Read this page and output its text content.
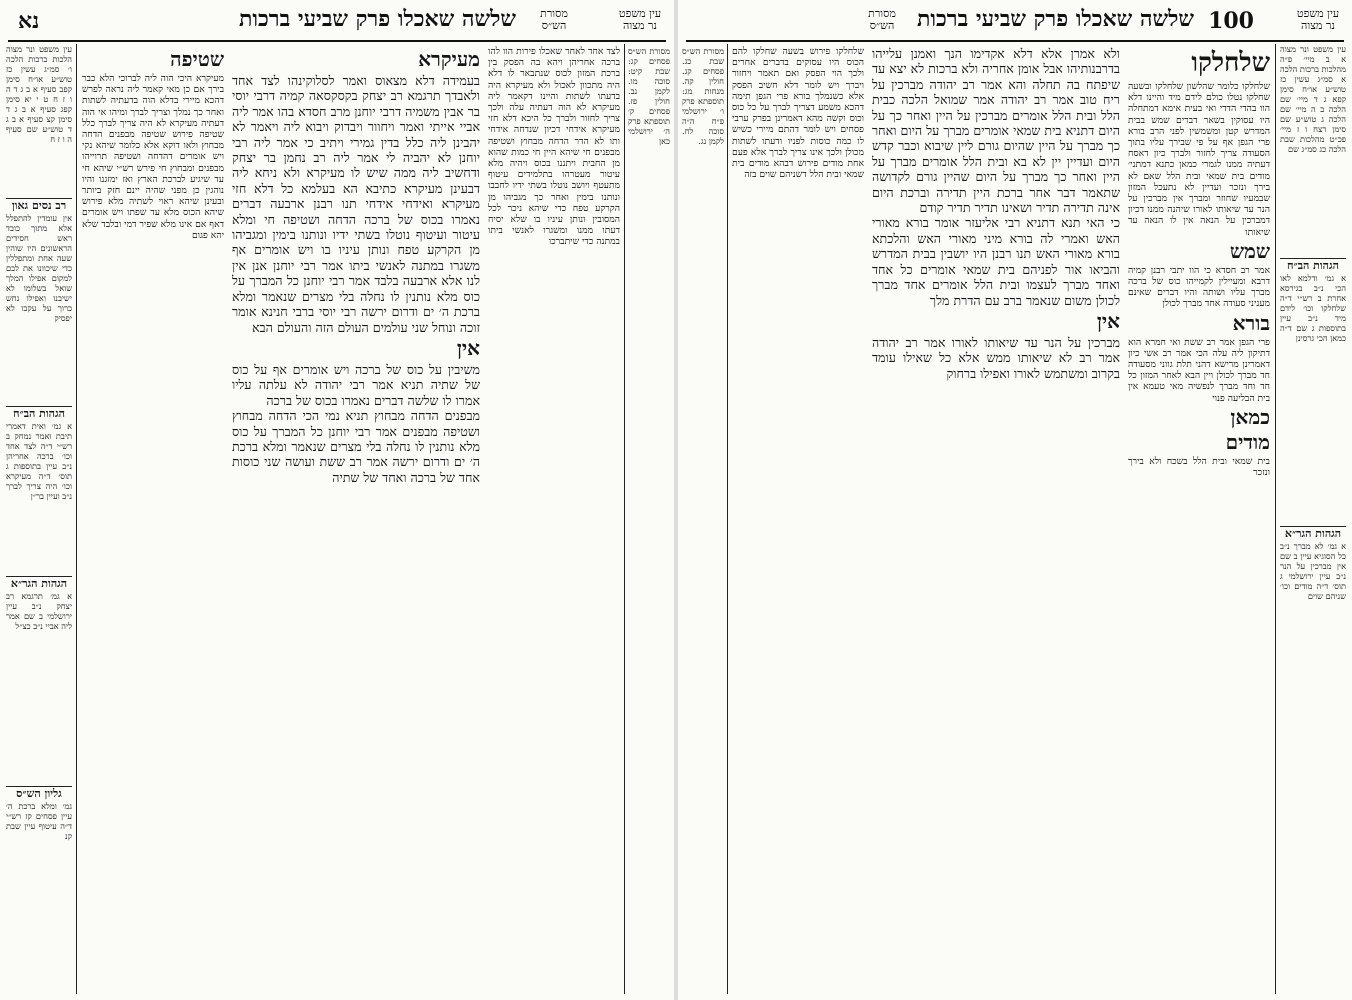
עין משפט נר מצוה
שלשה שאכלו פרק שביעי ברכות
נא	מסורת הש״ס
עין משפט ונר מצוה הלכות ברכות הלכה ו׳ סמ״ג עשין כז טוש״ע או״ח סימן קפב סעיף א ב ג ד ה ו ז ח ט י יא סימן קפג סעיף א ב ג ד סימן קצ סעיף א ב ג ד טוש״ע שם סעיף ה ו ז ח
רב נסים גאון
אין עומדין להתפלל אלא מתוך כובד ראש חסידים הראשונים היו שוהין שעה אחת ומתפללין כדי שיכוונו את לבם למקום אפילו המלך שואל בשלומו לא ישיבנו ואפילו נחש כרוך על עקבו לא יפסיק
הגהות הב״ח
א גמ׳ ואית דאמרי תיבת ואמר נמחק ב רש״י ד״ה לצד אחד וכו׳ ברכה אחריהן נ״ב עיין בתוספות ג תוס׳ ד״ה מעיקרא וכו׳ היה צריך לברך נ״ב ועיין בר״ן
הגהות הגר״א
א גמ׳ תרגמא רב יצחק נ״ב עיין ירושלמי ב שם אמר ליה אביי נ״ב כצ״ל
גליון הש״ס
גמ׳ ומלא ברכת ה׳ עיין פסחים קז רש״י ד״ה עיטוף עיין שבת קנ
שטיפה
מעיקרא היכי הוה ליה לברוכי הלא כבר בירך אם כן מאי קאמר ליה נראה לפרש דהכא מיירי בדלא הוה בדעתיה לשתות ואחר כך נמלך וצריך לברך ומיהו אי הוה דעתיה מעיקרא לא היה צריך לברך כלל שטיפה פירוש שטיפה מבפנים הדחה מבחוץ ולאו דוקא אלא כלומר שיהא נקי ויש אומרים דהדחה ושטיפה תרוייהו מבפנים ומבחוץ חי פירש רש״י שיהא חי עד שיגיע לברכת הארץ ואז ימזגנו והיו נוהגין כן מפני שהיה יינם חזק ביותר ובעינן שיהא ראוי לשתיה מלא פירוש שיהא הכוס מלא עד שפתו ויש אומרים דאף אם אינו מלא שפיר דמי ובלבד שלא יהא פגום
מעיקרא
בעמידה דלא מצאוס ואמר לסלוקינהו לצד אחד ולאבדך תרגמא רב יצחק בקסקסאה קמיה דרבי יוסי בר אבין משמיה דרבי יוחנן מרב חסדא בהו אמר ליה אביי אייתי ואמר ויחוור ויבדוק ויבוא ליה ויאמר לא יהבינן ליה כלל בדין גמירי ויתיב כי אמר ליה רבי יוחנן לא יהביה לי אמר ליה רב נחמן בר יצחק ודחשיב ליה ממה שיש לו מעיקרא ולא ניחא ליה דבעינן מעיקרא כתיבא הא בעלמא כל דלא חזי מעיקרא ואידחי אידחי תנו רבנן ארבעה דברים נאמרו בכוס של ברכה הדחה ושטיפה חי ומלא עיטור ועיטוף נוטלו בשתי ידיו ונותנו בימין ומגביהו מן הקרקע טפח ונותן עיניו בו ויש אומרים אף משגרו במתנה לאנשי ביתו אמר רבי יוחנן אנן אין לנו אלא ארבעה בלבד אמר רבי יוחנן כל המברך על כוס מלא נותנין לו נחלה בלי מצרים שנאמר ומלא ברכת ה׳ ים ודרום ירשה רבי יוסי ברבי חנינא אומר זוכה ונוחל שני עולמים העולם הזה והעולם הבא
אין
משיבין על כוס של ברכה ויש אומרים אף על כוס של שתיה תניא אמר רבי יהודה לא עלתה עליו אמרו לו שלשה דברים נאמרו בכוס של ברכה
מבפנים הדחה מבחוץ תניא נמי הכי הדחה מבחוץ ושטיפה מבפנים אמר רבי יוחנן כל המברך על כוס מלא נותנין לו נחלה בלי מצרים שנאמר ומלא ברכת ה׳ ים ודרום ירשה אמר רב ששת ועושה שני כוסות אחד של ברכה ואחד של שתיה
לצד אחד לאחר שאכלו פירות הוו להו ברכה אחריהן ויהא בה הפסק בין ברכת המזון לכוס שנתבאר לו דלא היה מתכוון לאכול ולא מעיקרא היה בדעתו לשתות והיינו דקאמר ליה מעיקרא לא הוה דעתיה עלה ולכך צריך לחזור ולברך כל היכא דלא חזי מעיקרא אידחי דכיון שנדחה אידחי ותו לא הדר הדחה מבחוץ ושטיפה מבפנים חי שיהא היין חי כמות שהוא מן החבית ויתננו בכוס ויהיה מלא עיטור מעטרהו בתלמידים עיטוף מתעטף ויושב נוטלו בשתי ידיו לחבבו ונותנו בימין ואחר כך מגביהו מן הקרקע טפח כדי שיהא ניכר לכל המסובין ונותן עיניו בו שלא יסיח דעתו ממנו ומשגרו לאנשי ביתו במתנה כדי שיתברכו
מסורת הש״ס פסחים קג: שבת קיט: סוכה מו. לקמן נב. חולין פז. פסחים ק׳ תוספתא פרק ה׳ ירושלמי כאן
עין משפט נר מצוה
100
שלשה שאכלו פרק שביעי ברכות
מסורת הש״ס
עין משפט ונר מצוה א ב מיי׳ פ״ה מהלכות ברכות הלכה א סמ״ג עשין כז טוש״ע או״ח סימן קפא ג ד מיי׳ שם הלכה ב ה מיי׳ שם הלכה ג טוש״ע שם סימן רצח ו ז מיי׳ פכ״ט מהלכות שבת הלכה כג סמ״ג שם
הגהות הב״ח
א גמ׳ ודלמא לאו הכי נ״ב בגירסא אחרת ב רש״י ד״ה שלחלקו וכו׳ לידם מיד נ״ב עיין בתוספות ג שם ד״ה כמאן הכי גרסינן
הגהות הגר״א
א גמ׳ לא מברך נ״ב כל הסוגיא עיין ב שם אין מברכין על הנר נ״ב עיין ירושלמי ג תוס׳ ד״ה מודים וכו׳ שניהם שוים
שלחלקו
שלחלקו כלומר שהלשון שלחלקו ובשעה שחלקו נטלו כולם לידם מיד והיינו דלא הוו בהדי הדדי ואי בעית אימא דמתחלה היו עסוקין בשאר דברים שמש בבית המדרש קטן ומשמשין לפני הרב בורא פרי הגפן אף על פי שבירך עליו בתוך הסעודה צריך לחזור ולברך כיון דאסח דעתיה ממנו לגמרי כמאן כתנא דמתני׳ מודים בית שמאי ובית הלל שאם לא בירך ונזכר ועדיין לא נתעכל המזון שבמעיו שחוזר ומברך אין מברכין על הנר עד שיאותו לאורו שיהנה ממנו דכיון דמברכין על הנאה אין לו הנאה עד שיאותו
שמש
אמר רב חסדא כי הוו יתבי רבנן קמיה דרבא ומעיילין לקמייהו כוס של ברכה מברך עליו ושותה והיו דברים שאינם מעניני סעודה אחד מברך לכולן
בורא
פרי הגפן אמר רב ששת ואי חמרא הוא דתיקון ליה עלה הכי אמר רב אשי כיון דאמרינן מרישא דהני תלת גווני מסעודה חד מברך לכולן ויין הבא לאחר המזון כל חד וחד מברך לנפשיה מאי טעמא אין בית הבליעה פנוי
כמאן
מודים
בית שמאי ובית הלל בשכח ולא בירך ונזכר
ולא אמרן אלא דלא אקדימו הנך ואמנן עלייהו בדרבנותיהו אבל אומן אחריה ולא ברכות לא יצא עד שיפתח בה תחלה והא אמר רב יהודה מברכין על ריח טוב אמר רב יהודה אמר שמואל הלכה כבית הלל ובית הלל אומרים מברכין על היין ואחר כך על היום דתניא בית שמאי אומרים מברך על היום ואחר כך מברך על היין שהיום גורם ליין שיבוא וכבר קדש היום ועדיין יין לא בא ובית הלל אומרים מברך על היין ואחר כך מברך על היום שהיין גורם לקדושה שתאמר דבר אחר ברכת היין תדירה וברכת היום אינה תדירה תדיר ושאינו תדיר תדיר קודם
כי האי תנא דתניא רבי אליעזר אומר בורא מאורי האש ואמרי לה בורא מיני מאורי האש והלכתא בורא מאורי האש תנו רבנן היו יושבין בבית המדרש והביאו אור לפניהם בית שמאי אומרים כל אחד ואחד מברך לעצמו ובית הלל אומרים אחד מברך לכולן משום שנאמר ברב עם הדרת מלך
אין
מברכין על הנר עד שיאותו לאורו אמר רב יהודה אמר רב לא שיאותו ממש אלא כל שאילו עומד בקרוב ומשתמש לאורו ואפילו ברחוק
שלחלקו פירוש בשעה שחלקו להם הכוס היו עסוקים בדברים אחרים ולכך הוי הפסק ואם תאמר ויחזור ויברך ויש לומר דלא חשיב הפסק אלא כשנמלך בורא פרי הגפן תימה דהכא משמע דצריך לברך על כל כוס וכוס וקשה מהא דאמרינן בפרק ערבי פסחים ויש לומר דהתם מיירי כשיש לו כמה כוסות לפניו ודעתו לשתות מכולן ולכך אינו צריך לברך אלא פעם אחת מודים פירוש דבהא מודים בית שמאי ובית הלל דשניהם שוים בזה
מסורת הש״ס שבת כג. פסחים קג. חולין קה. מנחות מג: תוספתא פרק ו׳ ירושלמי פ״ח ה״ה סוכה לח. לקמן נג.
